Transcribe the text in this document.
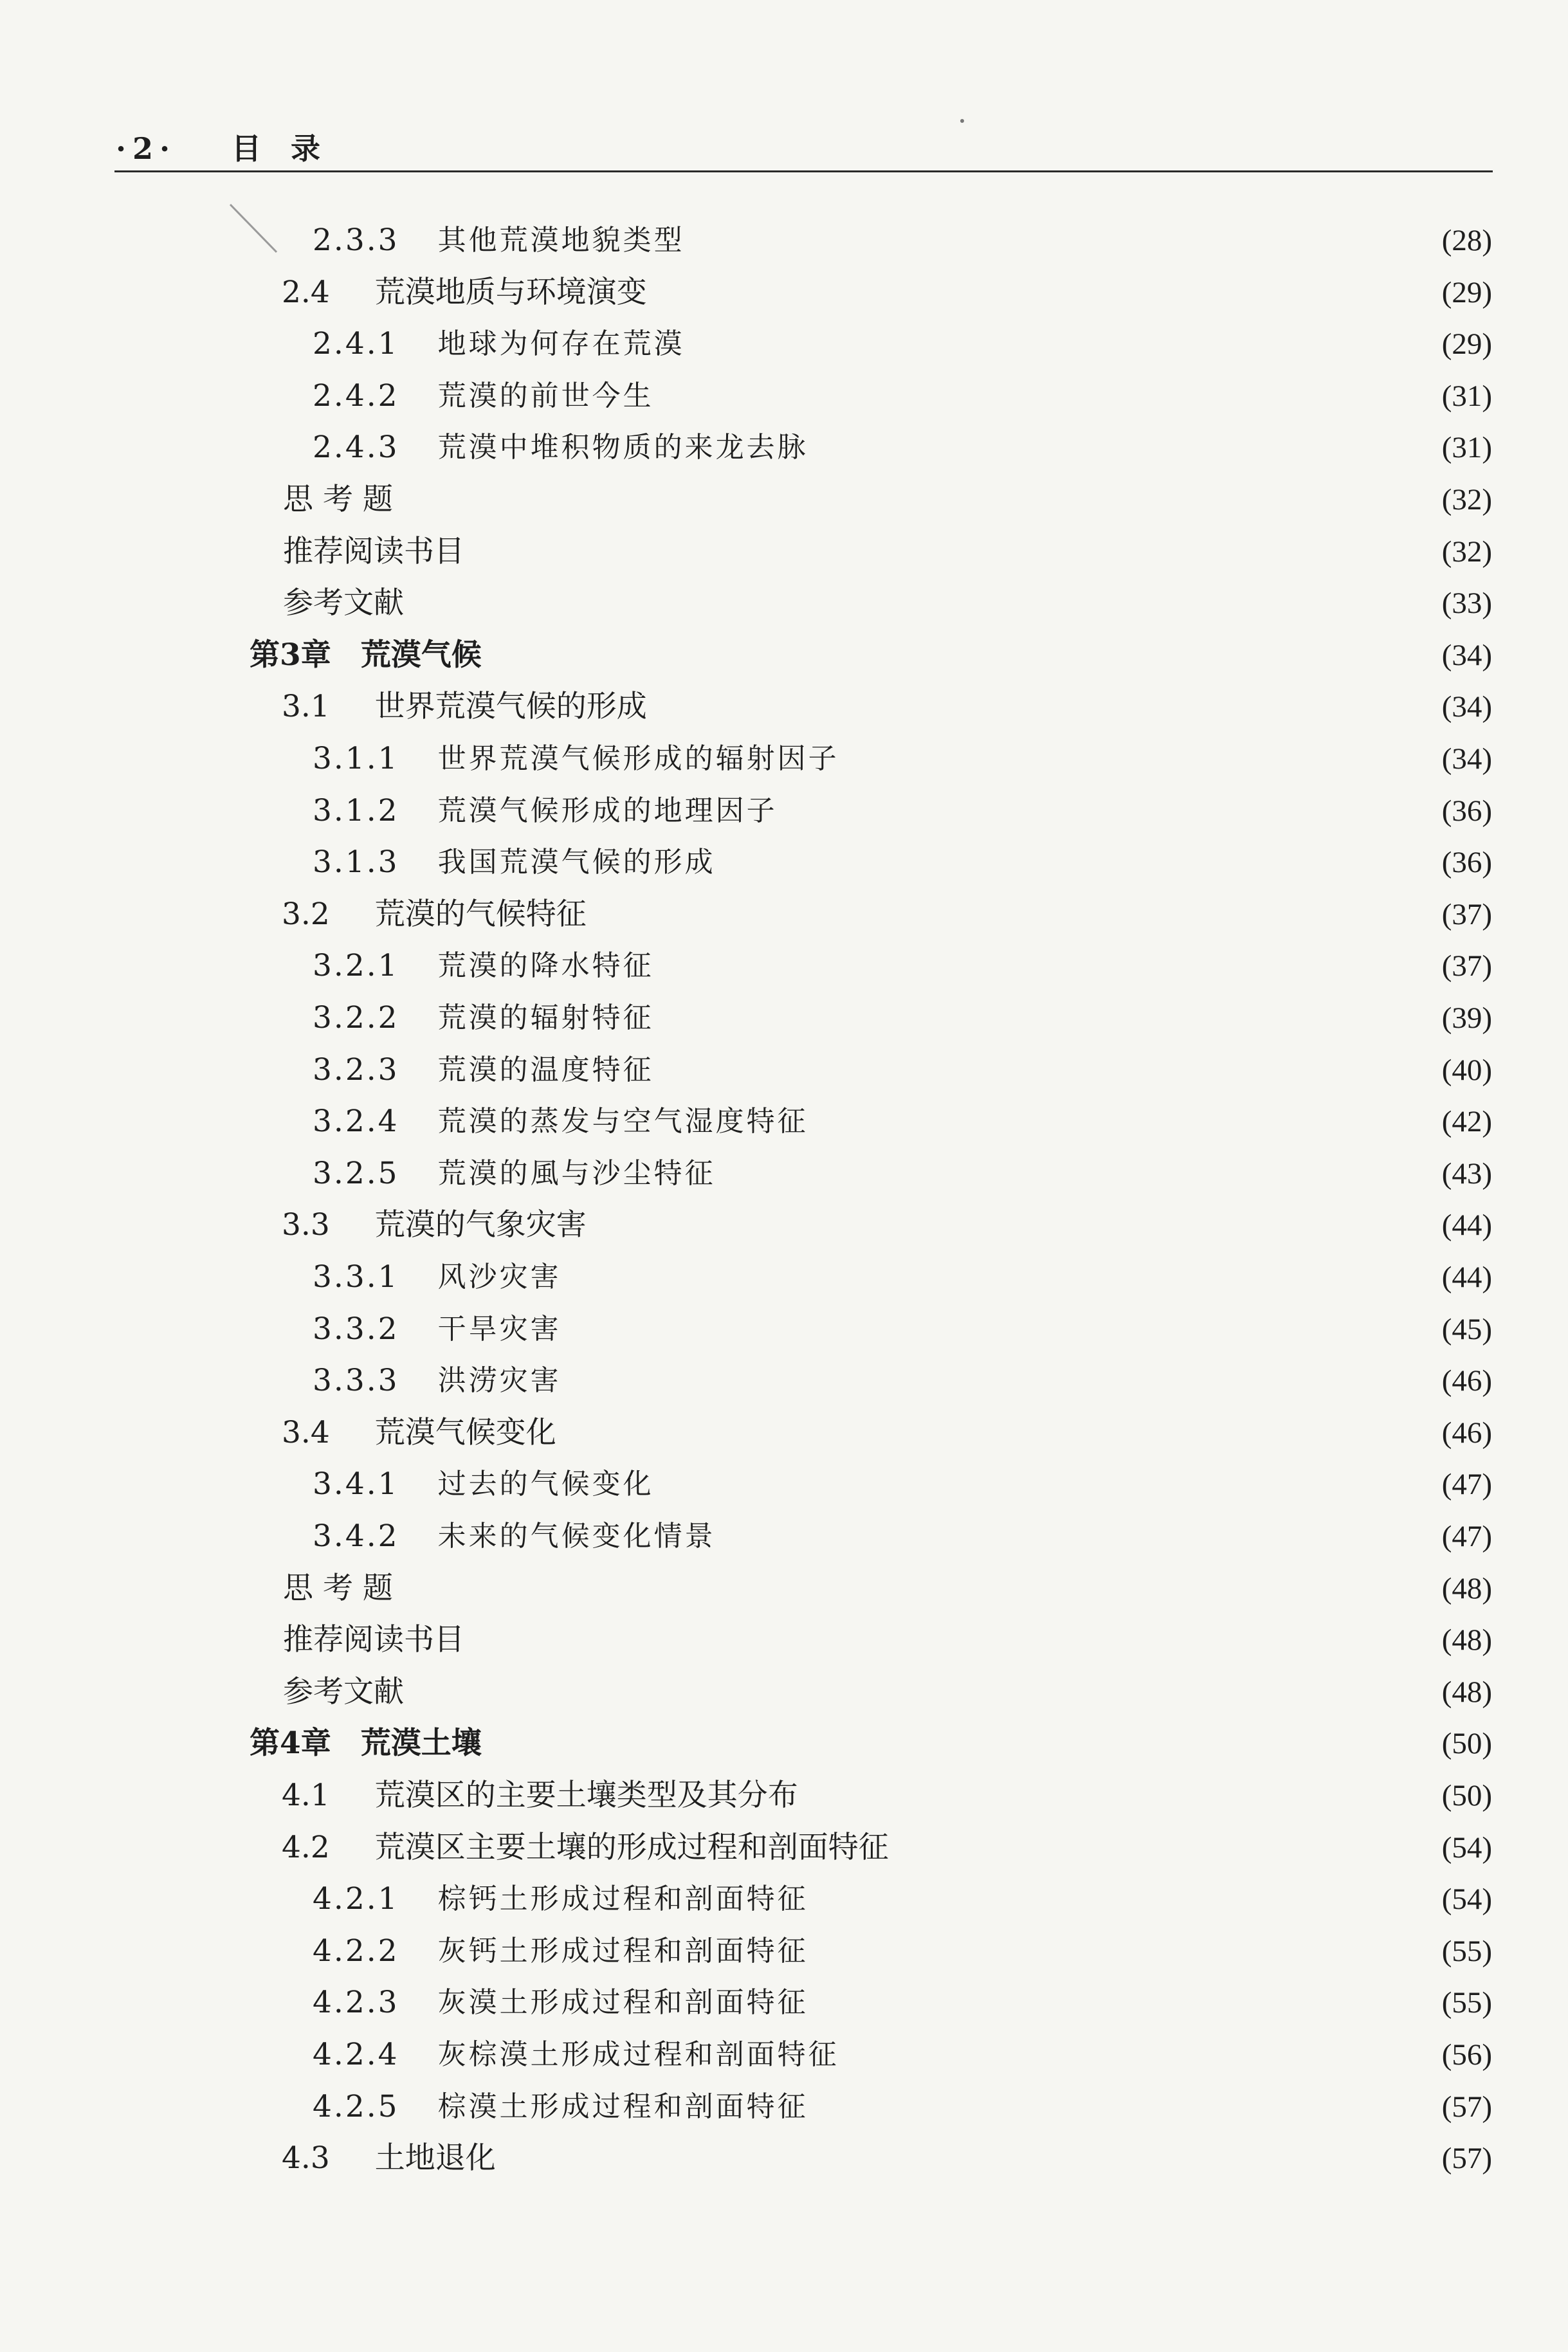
·2· 目录
2.3.3 其他荒漠地貌类型	(28)
2.4 荒漠地质与环境演变	(29)
2.4.1 地球为何存在荒漠	(29)
2.4.2 荒漠的前世今生	(31)
2.4.3 荒漠中堆积物质的来龙去脉	(31)
思 考 题	(32)
推荐阅读书目	(32)
参考文献	(33)
第3章 荒漠气候	(34)
3.1 世界荒漠气候的形成	(34)
3.1.1 世界荒漠气候形成的辐射因子	(34)
3.1.2 荒漠气候形成的地理因子	(36)
3.1.3 我国荒漠气候的形成	(36)
3.2 荒漠的气候特征	(37)
3.2.1 荒漠的降水特征	(37)
3.2.2 荒漠的辐射特征	(39)
3.2.3 荒漠的温度特征	(40)
3.2.4 荒漠的蒸发与空气湿度特征	(42)
3.2.5 荒漠的風与沙尘特征	(43)
3.3 荒漠的气象灾害	(44)
3.3.1 风沙灾害	(44)
3.3.2 干旱灾害	(45)
3.3.3 洪涝灾害	(46)
3.4 荒漠气候变化	(46)
3.4.1 过去的气候变化	(47)
3.4.2 未来的气候变化情景	(47)
思 考 题	(48)
推荐阅读书目	(48)
参考文献	(48)
第4章 荒漠土壤	(50)
4.1 荒漠区的主要土壤类型及其分布	(50)
4.2 荒漠区主要土壤的形成过程和剖面特征	(54)
4.2.1 棕钙土形成过程和剖面特征	(54)
4.2.2 灰钙土形成过程和剖面特征	(55)
4.2.3 灰漠土形成过程和剖面特征	(55)
4.2.4 灰棕漠土形成过程和剖面特征	(56)
4.2.5 棕漠土形成过程和剖面特征	(57)
4.3 土地退化	(57)
